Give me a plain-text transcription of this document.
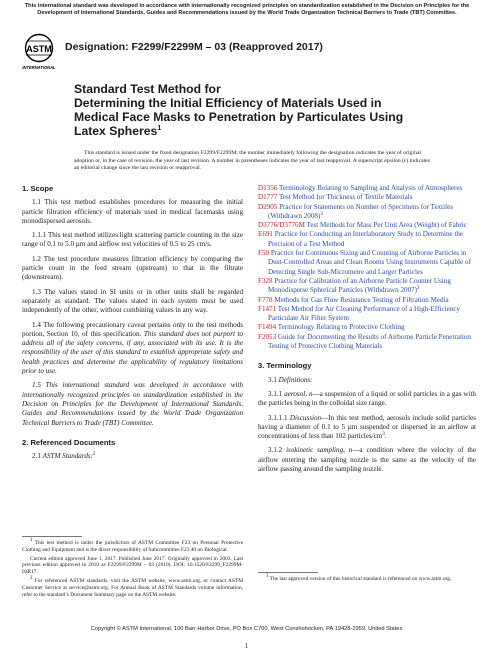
This international standard was developed in accordance with internationally recognized principles on standardization established in the Decision on Principles for the Development of International Standards, Guides and Recommendations issued by the World Trade Organization Technical Barriers to Trade (TBT) Committee.
ASTM
INTERNATIONAL
Designation: F2299/F2299M – 03 (Reapproved 2017)
Standard Test Method for
Determining the Initial Efficiency of Materials Used in
Medical Face Masks to Penetration by Particulates Using
Latex Spheres$^1$

This standard is issued under the fixed designation F2299/F2299M; the number immediately following the designation indicates the year of original adoption or, in the case of revision, the year of last revision. A number in parentheses indicates the year of last reapproval. A superscript epsilon (ε) indicates an editorial change since the last revision or reapproval.

1. Scope

1.1 This test method establishes procedures for measuring the initial particle filtration efficiency of materials used in medical facemasks using monodispersed aerosols.

1.1.1 This test method utilizes light scattering particle counting in the size range of 0.1 to 5.0 µm and airflow test velocities of 0.5 to 25 cm/s.

1.2 The test procedure measures filtration efficiency by comparing the particle count in the feed stream (upstream) to that in the filtrate (downstream).

1.3 The values stated in SI units or in other units shall be regarded separately as standard. The values stated in each system must be used independently of the other, without combining values in any way.

1.4 The following precautionary caveat pertains only to the test methods portion, Section 10, of this specification. This standard does not purport to address all of the safety concerns, if any, associated with its use. It is the responsibility of the user of this standard to establish appropriate safety and health practices and determine the applicability of regulatory limitations prior to use.

1.5 This international standard was developed in accordance with internationally recognized principles on standardization established in the Decision on Principles for the Development of International Standards, Guides and Recommendations issued by the World Trade Organization Technical Barriers to Trade (TBT) Committee.

2. Referenced Documents

2.1 ASTM Standards:$^2$

$^1$ This test method is under the jurisdiction of ASTM Committee F23 on Personal Protective Clothing and Equipment and is the direct responsibility of Subcommittee F23.40 on Biological.

Current edition approved June 1, 2017. Published June 2017. Originally approved in 2003. Last previous edition approved in 2010 as F2299/F2299M – 03 (2010). DOI: 10.1520/F2299_F2299M-03R17.

$^2$ For referenced ASTM standards, visit the ASTM website, www.astm.org, or contact ASTM Customer Service at service@astm.org. For Annual Book of ASTM Standards volume information, refer to the standard’s Document Summary page on the ASTM website.

D1356 Terminology Relating to Sampling and Analysis of Atmospheres
D1777 Test Method for Thickness of Textile Materials
D2905 Practice for Statements on Number of Specimens for Textiles (Withdrawn 2008)$^3$
D3776/D3776M Test Methods for Mass Per Unit Area (Weight) of Fabric
E691 Practice for Conducting an Interlaboratory Study to Determine the Precision of a Test Method
F50 Practice for Continuous Sizing and Counting of Airborne Particles in Dust-Controlled Areas and Clean Rooms Using Instruments Capable of Detecting Single Sub-Micrometre and Larger Particles
F328 Practice for Calibration of an Airborne Particle Counter Using Monodisperse Spherical Particles (Withdrawn 2007)$^3$
F778 Methods for Gas Flow Resistance Testing of Filtration Media
F1471 Test Method for Air Cleaning Performance of a High-Efficiency Particulate Air Filter System
F1494 Terminology Relating to Protective Clothing
F2053 Guide for Documenting the Results of Airborne Particle Penetration Testing of Protective Clothing Materials
3. Terminology

3.1 Definitions:

3.1.1 aerosol, n—a suspension of a liquid or solid particles in a gas with the particles being in the colloidal size range.

3.1.1.1 Discussion—In this test method, aerosols include solid particles having a diameter of 0.1 to 5 µm suspended or dispersed in an airflow at concentrations of less than 102 particles/$cm^3$.

3.1.2 isokinetic sampling, n—a condition where the velocity of the airflow entering the sampling nozzle is the same as the velocity of the airflow passing around the sampling nozzle.

$^3$ The last approved version of this historical standard is referenced on www.astm.org.

Copyright © ASTM International, 100 Barr Harbor Drive, PO Box C700, West Conshohocken, PA 19428-2959. United States
1
